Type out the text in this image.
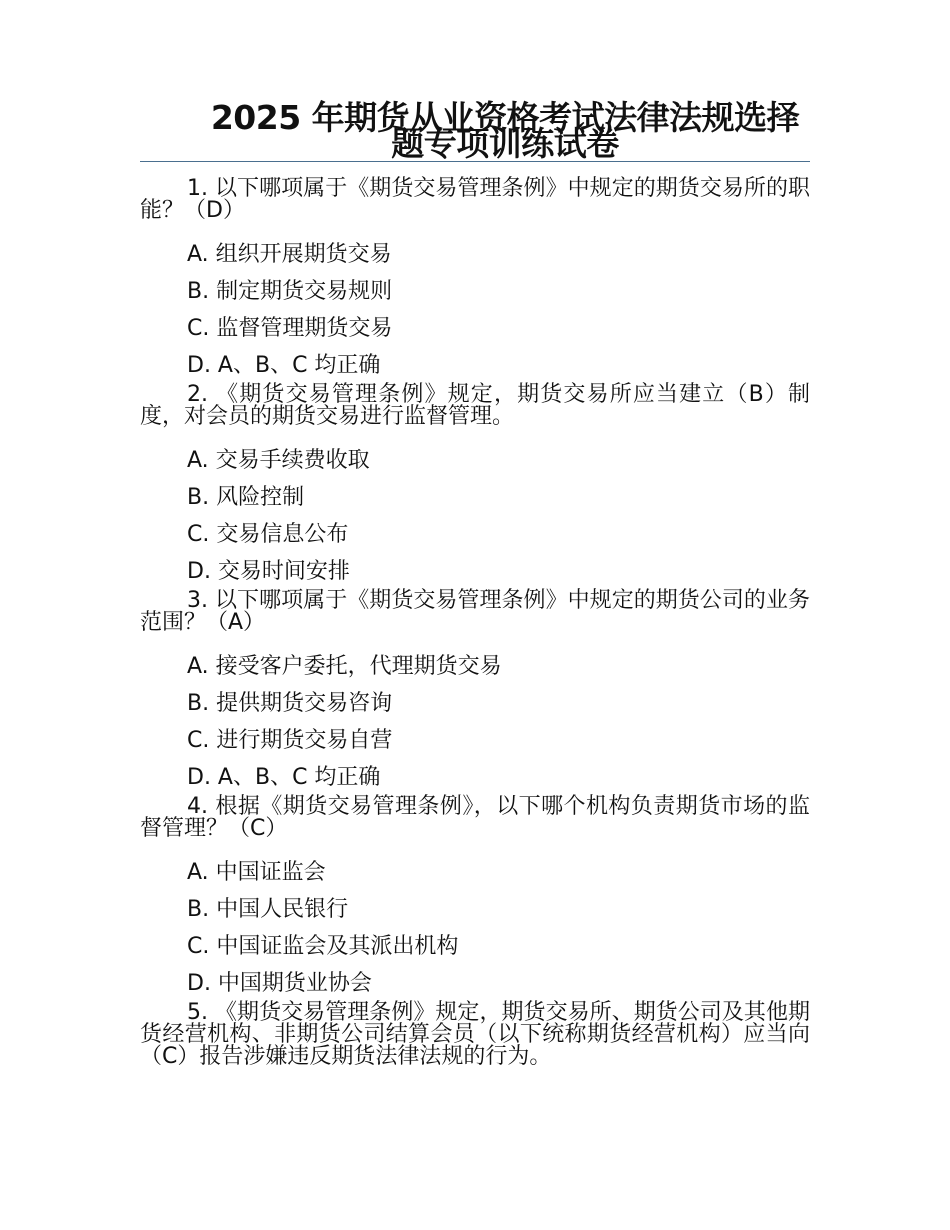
2025 年期货从业资格考试法律法规选择题专项训练试卷

1. 以下哪项属于《期货交易管理条例》中规定的期货交易所的职能？（D）

A. 组织开展期货交易
B. 制定期货交易规则
C. 监督管理期货交易
D. A、B、C 均正确

2. 《期货交易管理条例》规定，期货交易所应当建立（B）制度，对会员的期货交易进行监督管理。

A. 交易手续费收取
B. 风险控制
C. 交易信息公布
D. 交易时间安排

3. 以下哪项属于《期货交易管理条例》中规定的期货公司的业务范围？（A）

A. 接受客户委托，代理期货交易
B. 提供期货交易咨询
C. 进行期货交易自营
D. A、B、C 均正确

4. 根据《期货交易管理条例》，以下哪个机构负责期货市场的监督管理？（C）

A. 中国证监会
B. 中国人民银行
C. 中国证监会及其派出机构
D. 中国期货业协会

5. 《期货交易管理条例》规定，期货交易所、期货公司及其他期货经营机构、非期货公司结算会员（以下统称期货经营机构）应当向（C）报告涉嫌违反期货法律法规的行为。
